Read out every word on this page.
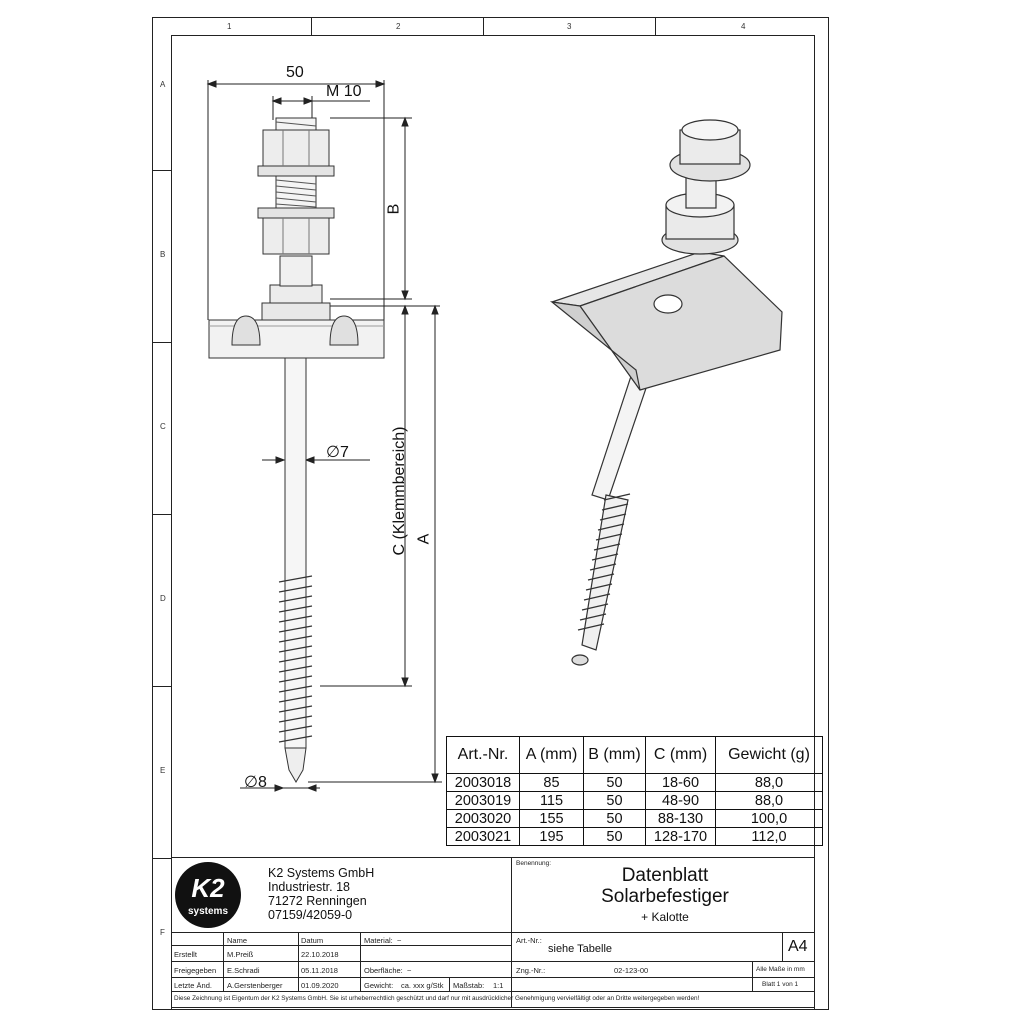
1	2	3	4
A
B
C
D
E
F
50
M 10
B
C (Klemmbereich) A
∅7
∅8
Art.-Nr.	A (mm)	B (mm)	C (mm)	Gewicht (g)
2003018	85	50	18-60	88,0
2003019	115	50	48-90	88,0
2003020	155	50	88-130	100,0
2003021	195	50	128-170	112,0
K2
systems
K2 Systems GmbH
Industriestr. 18
71272 Renningen
07159/42059-0
Benennung:
Datenblatt
Solarbefestiger
+ Kalotte
Name	Datum
Erstellt	M.Preiß	22.10.2018
Freigegeben E.Schradi	05.11.2018
Letzte Änd. A.Gerstenberger 01.09.2020
Material: ~
Oberfläche: ~
Gewicht: ca. xxx g/Stk Maßstab: 1:1
Art.-Nr.:
siehe Tabelle	A4
Zng.-Nr.:	02-123-00	Alle Maße in mm
Blatt 1 von 1
Diese Zeichnung ist Eigentum der K2 Systems GmbH. Sie ist urheberrechtlich geschützt und darf nur mit ausdrücklicher Genehmigung vervielfältigt oder an Dritte weitergegeben werden!
